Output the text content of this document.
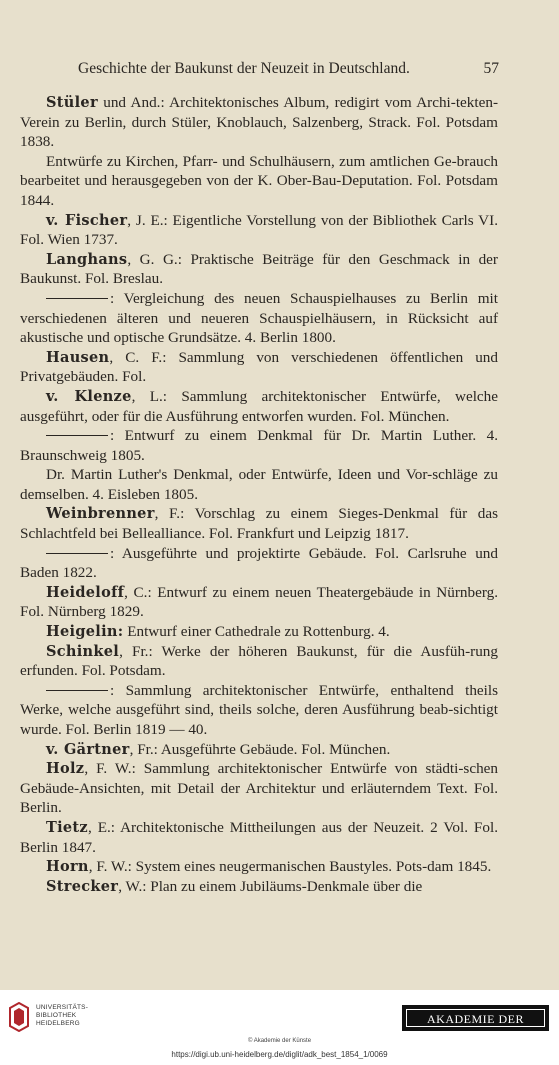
Geschichte der Baukunst der Neuzeit in Deutschland.	57

Stüler und And.: Architektonisches Album, redigirt vom Archi-tekten-Verein zu Berlin, durch Stüler, Knoblauch, Salzenberg, Strack. Fol. Potsdam 1838.

Entwürfe zu Kirchen, Pfarr- und Schulhäusern, zum amtlichen Ge-brauch bearbeitet und herausgegeben von der K. Ober-Bau-Deputation. Fol. Potsdam 1844.

v. Fischer, J. E.: Eigentliche Vorstellung von der Bibliothek Carls VI. Fol. Wien 1737.

Langhans, G. G.: Praktische Beiträge für den Geschmack in der Baukunst. Fol. Breslau.

: Vergleichung des neuen Schauspielhauses zu Berlin mit verschiedenen älteren und neueren Schauspielhäusern, in Rücksicht auf akustische und optische Grundsätze. 4. Berlin 1800.

Hausen, C. F.: Sammlung von verschiedenen öffentlichen und Privatgebäuden. Fol.

v. Klenze, L.: Sammlung architektonischer Entwürfe, welche ausgeführt, oder für die Ausführung entworfen wurden. Fol. München.

: Entwurf zu einem Denkmal für Dr. Martin Luther. 4. Braunschweig 1805.

Dr. Martin Luther's Denkmal, oder Entwürfe, Ideen und Vor-schläge zu demselben. 4. Eisleben 1805.

Weinbrenner, F.: Vorschlag zu einem Sieges-Denkmal für das Schlachtfeld bei Bellealliance. Fol. Frankfurt und Leipzig 1817.

: Ausgeführte und projektirte Gebäude. Fol. Carlsruhe und Baden 1822.

Heideloff, C.: Entwurf zu einem neuen Theatergebäude in Nürnberg. Fol. Nürnberg 1829.

Heigelin: Entwurf einer Cathedrale zu Rottenburg. 4.

Schinkel, Fr.: Werke der höheren Baukunst, für die Ausfüh-rung erfunden. Fol. Potsdam.

: Sammlung architektonischer Entwürfe, enthaltend theils Werke, welche ausgeführt sind, theils solche, deren Ausführung beab-sichtigt wurde. Fol. Berlin 1819 — 40.

v. Gärtner, Fr.: Ausgeführte Gebäude. Fol. München.

Holz, F. W.: Sammlung architektonischer Entwürfe von städti-schen Gebäude-Ansichten, mit Detail der Architektur und erläuterndem Text. Fol. Berlin.

Tietz, E.: Architektonische Mittheilungen aus der Neuzeit. 2 Vol. Fol. Berlin 1847.

Horn, F. W.: System eines neugermanischen Baustyles. Pots-dam 1845.

Strecker, W.: Plan zu einem Jubiläums-Denkmale über die

UNIVERSITÄTS-
BIBLIOTHEK
HEIDELBERG	AKADEMIE DER KÜNSTE
© Akademie der Künste
https://digi.ub.uni-heidelberg.de/diglit/adk_best_1854_1/0069
